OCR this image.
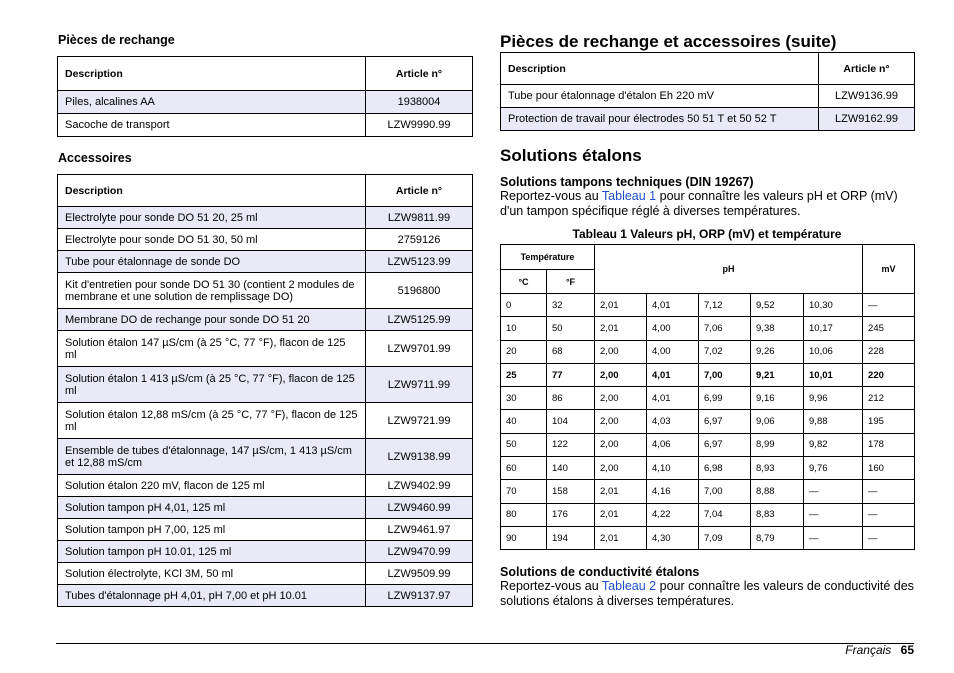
Pièces de rechange
Description	Article n°
Piles, alcalines AA	1938004
Sacoche de transport	LZW9990.99
Accessoires
Description	Article n°
Electrolyte pour sonde DO 51 20, 25 ml	LZW9811.99
Electrolyte pour sonde DO 51 30, 50 ml	2759126
Tube pour étalonnage de sonde DO	LZW5123.99
Kit d'entretien pour sonde DO 51 30 (contient 2 modules de membrane et une solution de remplissage DO)	5196800
Membrane DO de rechange pour sonde DO 51 20	LZW5125.99
Solution étalon 147 µS/cm (à 25 °C, 77 °F), flacon de 125 ml	LZW9701.99
Solution étalon 1 413 µS/cm (à 25 °C, 77 °F), flacon de 125 ml	LZW9711.99
Solution étalon 12,88 mS/cm (à 25 °C, 77 °F), flacon de 125 ml	LZW9721.99
Ensemble de tubes d'étalonnage, 147 µS/cm, 1 413 µS/cm et 12,88 mS/cm	LZW9138.99
Solution étalon 220 mV, flacon de 125 ml	LZW9402.99
Solution tampon pH 4,01, 125 ml	LZW9460.99
Solution tampon pH 7,00, 125 ml	LZW9461.97
Solution tampon pH 10.01, 125 ml	LZW9470.99
Solution électrolyte, KCl 3M, 50 ml	LZW9509.99
Tubes d'étalonnage pH 4,01, pH 7,00 et pH 10.01	LZW9137.97
Pièces de rechange et accessoires (suite)
Description	Article n°
Tube pour étalonnage d'étalon Eh 220 mV	LZW9136.99
Protection de travail pour électrodes 50 51 T et 50 52 T	LZW9162.99
Solutions étalons
Solutions tampons techniques (DIN 19267)
Reportez-vous au Tableau 1 pour connaître les valeurs pH et ORP (mV) d'un tampon spécifique réglé à diverses températures.
Tableau 1 Valeurs pH, ORP (mV) et température
Température		pH					mV
°C	°F						
0	32	2,01	4,01	7,12	9,52	10,30	—
10	50	2,01	4,00	7,06	9,38	10,17	245
20	68	2,00	4,00	7,02	9,26	10,06	228
25	77	2,00	4,01	7,00	9,21	10,01	220
30	86	2,00	4,01	6,99	9,16	9,96	212
40	104	2,00	4,03	6,97	9,06	9,88	195
50	122	2,00	4,06	6,97	8,99	9,82	178
60	140	2,00	4,10	6,98	8,93	9,76	160
70	158	2,01	4,16	7,00	8,88	—	—
80	176	2,01	4,22	7,04	8,83	—	—
90	194	2,01	4,30	7,09	8,79	—	—
Solutions de conductivité étalons
Reportez-vous au Tableau 2 pour connaître les valeurs de conductivité des solutions étalons à diverses températures.
Français 65
